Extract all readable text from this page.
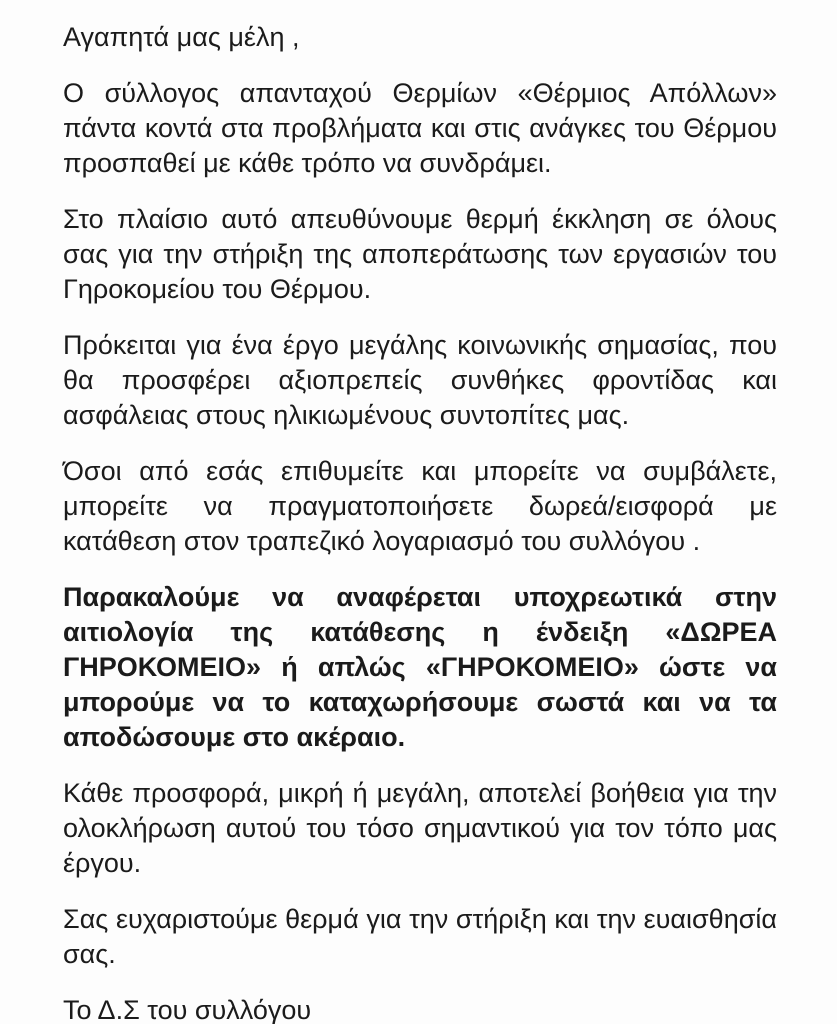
Αγαπητά μας μέλη ,

Ο σύλλογος απανταχού Θερμίων «Θέρμιος Απόλλων» πάντα κοντά στα προβλήματα και στις ανάγκες του Θέρμου προσπαθεί με κάθε τρόπο να συνδράμει.

Στο πλαίσιο αυτό απευθύνουμε θερμή έκκληση σε όλους σας για την στήριξη της αποπεράτωσης των εργασιών του Γηροκομείου του Θέρμου.

Πρόκειται για ένα έργο μεγάλης κοινωνικής σημασίας, που θα προσφέρει αξιοπρεπείς συνθήκες φροντίδας και ασφάλειας στους ηλικιωμένους συντοπίτες μας.

Όσοι από εσάς επιθυμείτε και μπορείτε να συμβάλετε, μπορείτε να πραγματοποιήσετε δωρεά/εισφορά με κατάθεση στον τραπεζικό λογαριασμό του συλλόγου .

Παρακαλούμε να αναφέρεται υποχρεωτικά στην αιτιολογία της κατάθεσης η ένδειξη «ΔΩΡΕΑ ΓΗΡΟΚΟΜΕΙΟ» ή απλώς «ΓΗΡΟΚΟΜΕΙΟ» ώστε να μπορούμε να το καταχωρήσουμε σωστά και να τα αποδώσουμε στο ακέραιο.

Κάθε προσφορά, μικρή ή μεγάλη, αποτελεί βοήθεια για την ολοκλήρωση αυτού του τόσο σημαντικού για τον τόπο μας έργου.

Σας ευχαριστούμε θερμά για την στήριξη και την ευαισθησία σας.

Το Δ.Σ του συλλόγου
